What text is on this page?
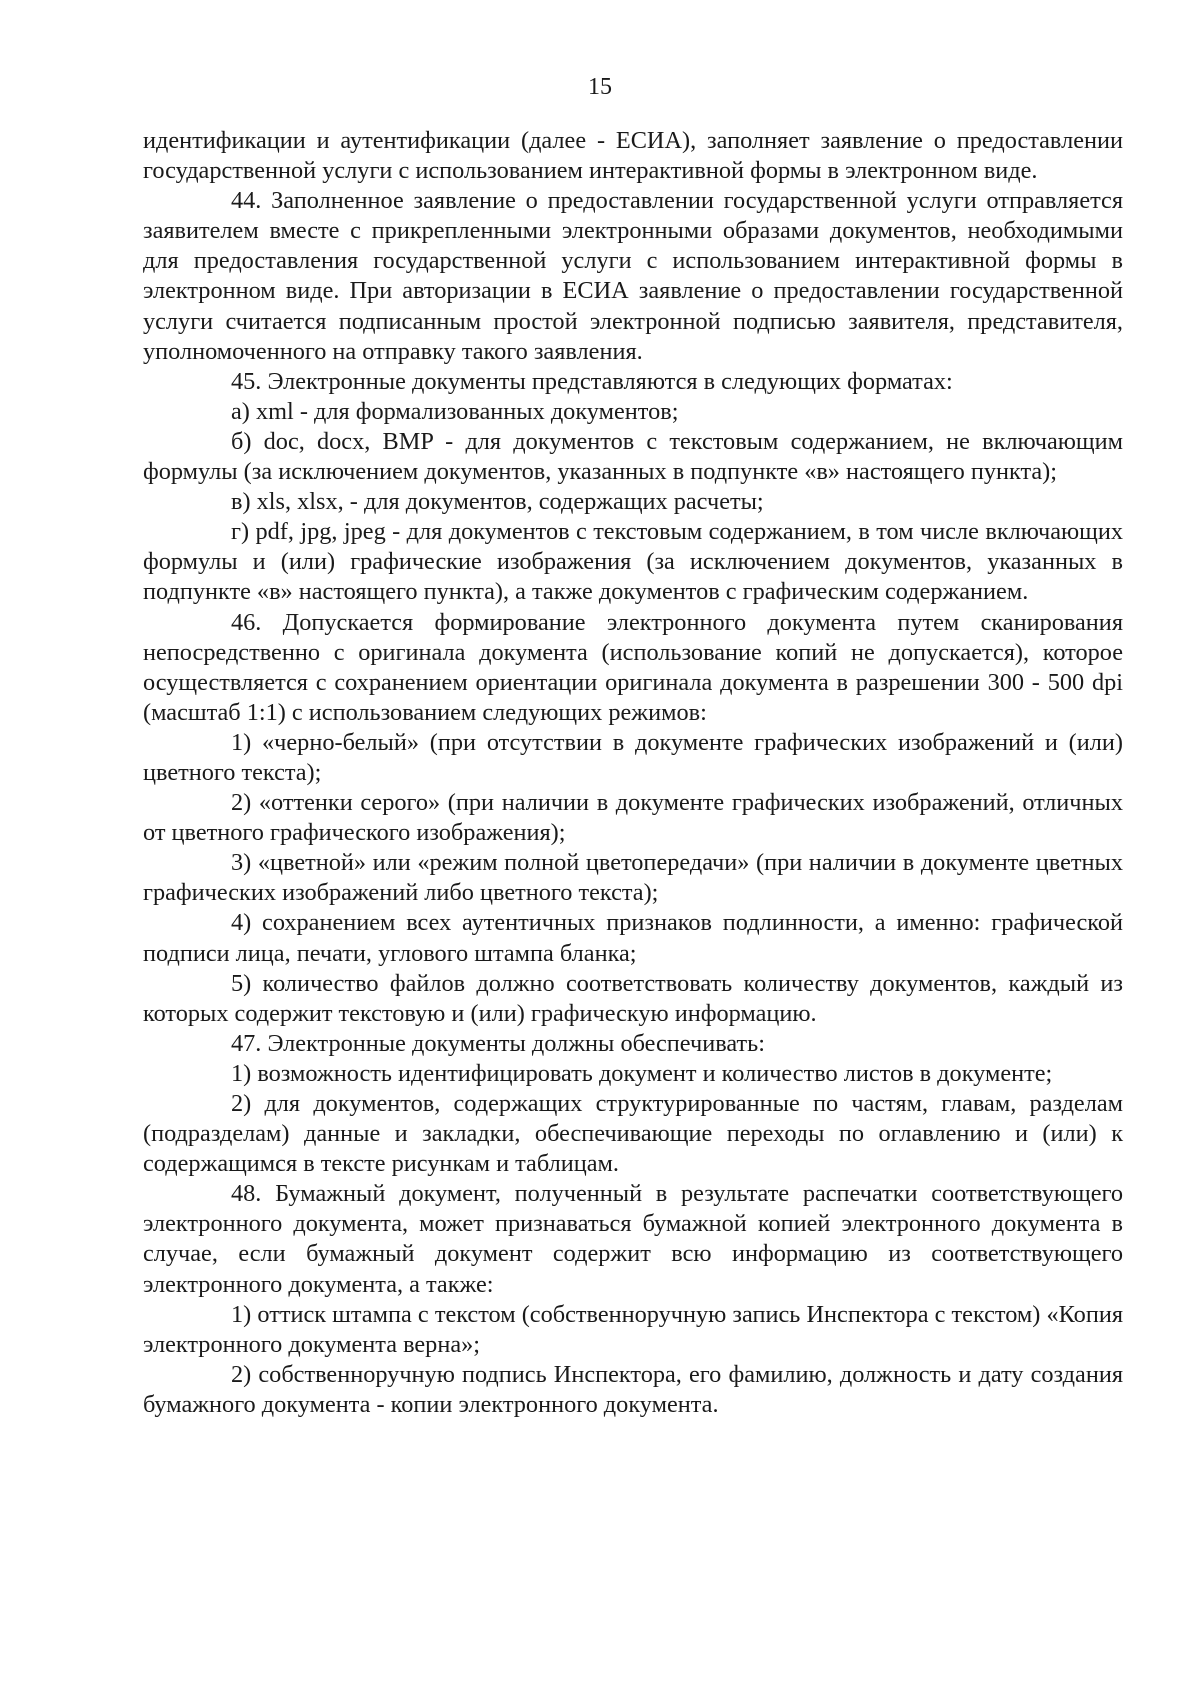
15

идентификации и аутентификации (далее - ЕСИА), заполняет заявление о предоставлении государственной услуги с использованием интерактивной формы в электронном виде.

44. Заполненное заявление о предоставлении государственной услуги отправляется заявителем вместе с прикрепленными электронными образами документов, необходимыми для предоставления государственной услуги с использованием интерактивной формы в электронном виде. При авторизации в ЕСИА заявление о предоставлении государственной услуги считается подписанным простой электронной подписью заявителя, представителя, уполномоченного на отправку такого заявления.

45. Электронные документы представляются в следующих форматах:

а) xml - для формализованных документов;

б) doc, docx, BMP - для документов с текстовым содержанием, не включающим формулы (за исключением документов, указанных в подпункте «в» настоящего пункта);

в) xls, xlsx, - для документов, содержащих расчеты;

г) pdf, jpg, jpeg - для документов с текстовым содержанием, в том числе включающих формулы и (или) графические изображения (за исключением документов, указанных в подпункте «в» настоящего пункта), а также документов с графическим содержанием.

46. Допускается формирование электронного документа путем сканирования непосредственно с оригинала документа (использование копий не допускается), которое осуществляется с сохранением ориентации оригинала документа в разрешении 300 - 500 dpi (масштаб 1:1) с использованием следующих режимов:

1) «черно-белый» (при отсутствии в документе графических изображений и (или) цветного текста);

2) «оттенки серого» (при наличии в документе графических изображений, отличных от цветного графического изображения);

3) «цветной» или «режим полной цветопередачи» (при наличии в документе цветных графических изображений либо цветного текста);

4) сохранением всех аутентичных признаков подлинности, а именно: графической подписи лица, печати, углового штампа бланка;

5) количество файлов должно соответствовать количеству документов, каждый из которых содержит текстовую и (или) графическую информацию.

47. Электронные документы должны обеспечивать:

1) возможность идентифицировать документ и количество листов в документе;

2) для документов, содержащих структурированные по частям, главам, разделам (подразделам) данные и закладки, обеспечивающие переходы по оглавлению и (или) к содержащимся в тексте рисункам и таблицам.

48. Бумажный документ, полученный в результате распечатки соответствующего электронного документа, может признаваться бумажной копией электронного документа в случае, если бумажный документ содержит всю информацию из соответствующего электронного документа, а также:

1) оттиск штампа с текстом (собственноручную запись Инспектора с текстом) «Копия электронного документа верна»;

2) собственноручную подпись Инспектора, его фамилию, должность и дату создания бумажного документа - копии электронного документа.
